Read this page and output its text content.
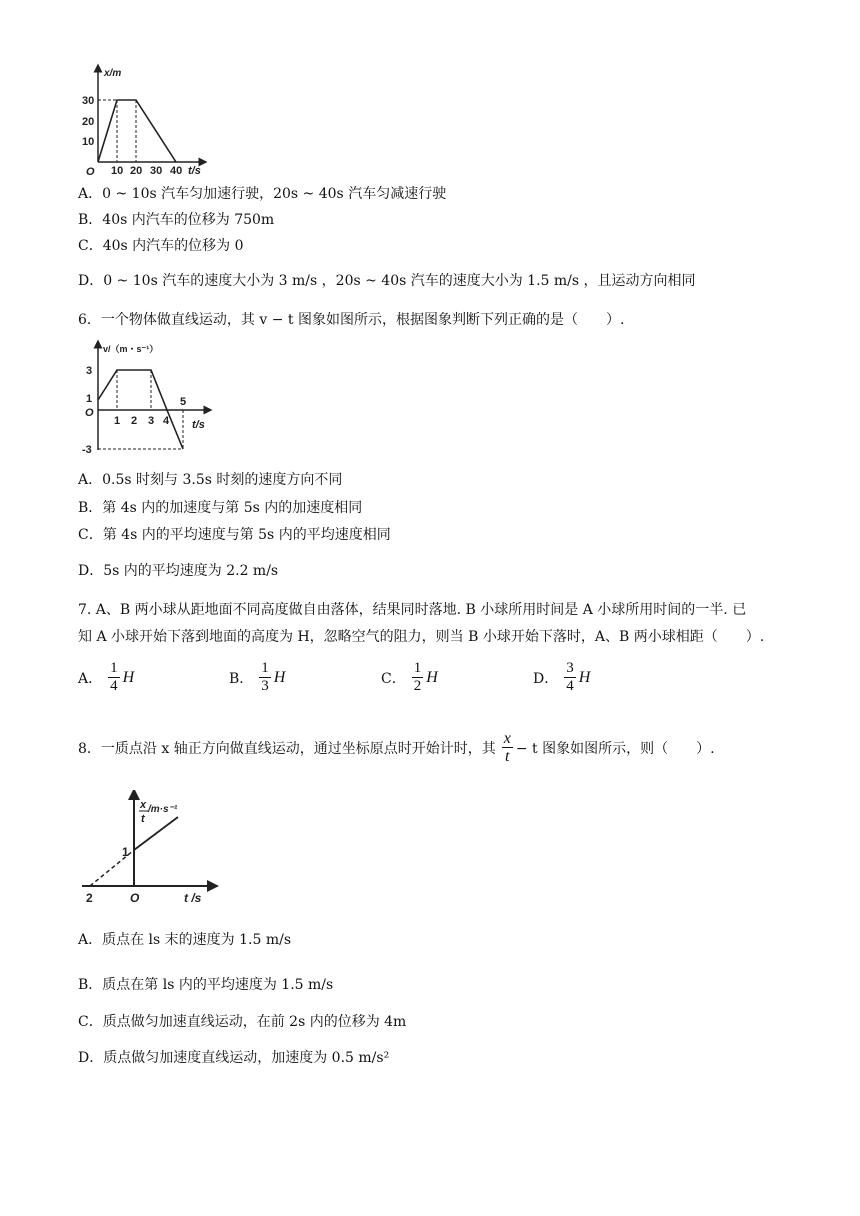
x/m
30
20
10
O 10 20 30 40 t/s
A．0 ~ 10s 汽车匀加速行驶，20s ~ 40s 汽车匀减速行驶
B．40s 内汽车的位移为 750m
C．40s 内汽车的位移为 0
D．0 ~ 10s 汽车的速度大小为 3 m/s ，20s ~ 40s 汽车的速度大小为 1.5 m/s ，且运动方向相同
6．一个物体做直线运动，其 v − t 图象如图所示，根据图象判断下列正确的是（　　）.
v/（m・s⁻¹）
3
1
O
-3
1 2 3 4
5
t/s
A．0.5s 时刻与 3.5s 时刻的速度方向不同
B．第 4s 内的加速度与第 5s 内的加速度相同
C．第 4s 内的平均速度与第 5s 内的平均速度相同
D．5s 内的平均速度为 2.2 m/s
7. A、B 两小球从距地面不同高度做自由落体，结果同时落地. B 小球所用时间是 A 小球所用时间的一半. 已
知 A 小球开始下落到地面的高度为 H，忽略空气的阻力，则当 B 小球开始下落时，A、B 两小球相距（　　）.
A． $\frac{1}{4}$ H	B． $\frac{1}{3}$ H	C． $\frac{1}{2}$ H	D． $\frac{3}{4}$ H
8．一质点沿 x 轴正方向做直线运动，通过坐标原点时开始计时，其 $\frac{x}{t} - t$ 图象如图所示，则（　　）.
x
t
/m·s⁻¹
1
2	O	t /s
A．质点在 ls 末的速度为 1.5 m/s
B．质点在第 ls 内的平均速度为 1.5 m/s
C．质点做匀加速直线运动，在前 2s 内的位移为 4m
D．质点做匀加速度直线运动，加速度为 0.5 m/s²
